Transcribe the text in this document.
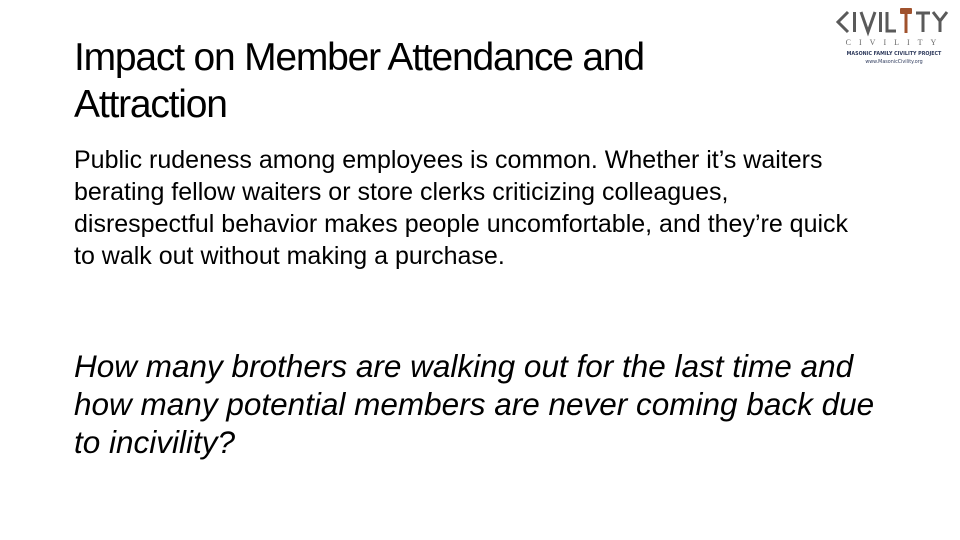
Impact on Member Attendance and Attraction

Public rudeness among employees is common. Whether it’s waiters berating fellow waiters or store clerks criticizing colleagues, disrespectful behavior makes people uncomfortable, and they’re quick to walk out without making a purchase.

How many brothers are walking out for the last time and how many potential members are never coming back due to incivility?

CIVILITY
MASONIC FAMILY CIVILITY PROJECT
www.MasonicCivility.org
